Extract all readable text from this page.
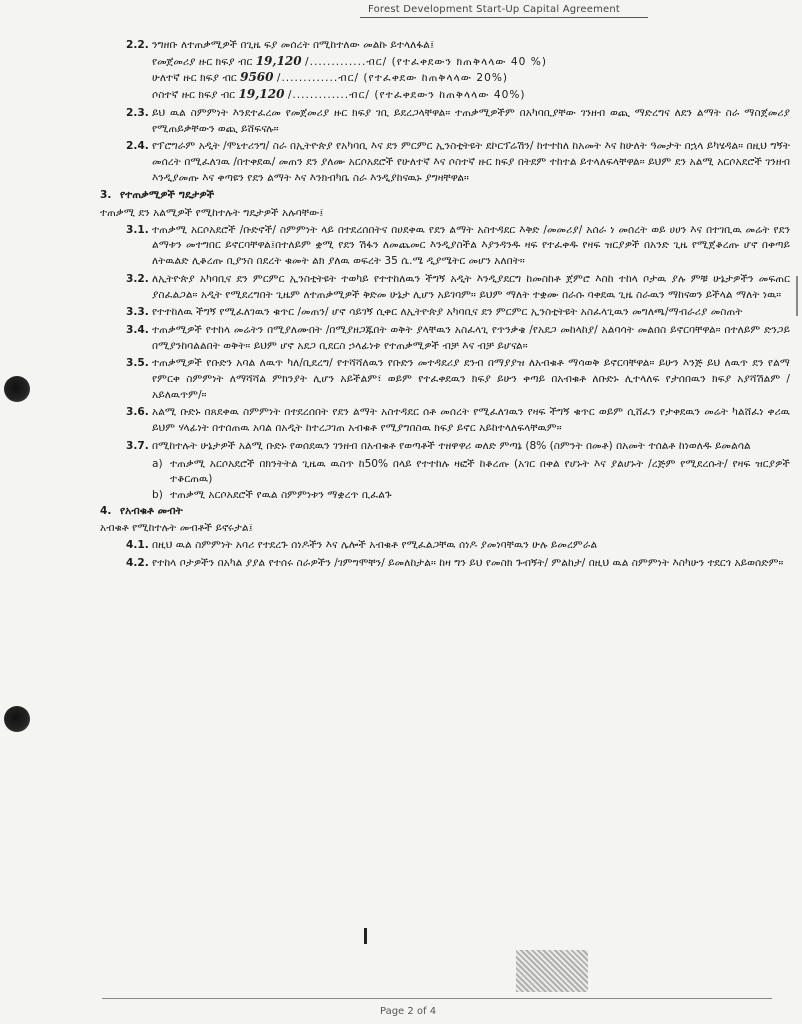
Forest Development Start-Up Capital Agreement
2.2. ንግዘቡ ለተጠቃሚዎች በጊዜ ፍያ መሰረት በሚከተለው መልኩ ይተላለፋል፤
የመጀመሪያ ዙር ክፍያ ብር 19,120 /.............ብር/ (የተፈቀደውን ክጠቅላላው 40 %)
ሁለተኛ ዙር ክፍያ ብር 9560 /.............ብር/ (የተፈቀደው ከጠቅላላው 20%)
ሶስተኛ ዙር ክፍያ ብር 19,120 /.............ብር/ (የተፈቀደውን ከጠቅላላው 40%)
2.3. ይህ ዉል ስምምነት እንደተፈረመ የመጀመሪያ ዙር ክፍያ ገቢ ይደረጋላቸዋል። ተጠቃሚዎችም በአካባቢያቸው ገንዘብ ወጪ ማድረግና ለደን ልማት ስራ ማስጀመሪያ የሚጠይቃቸውን ወጪ ይሸፍናሉ።
2.4. የፕሮግራም አዲት /ሞኒተሪንግ/ ስራ በኢትዮጵያ የአካባቢ እና ደን ምርምር ኢንስቲትዩት ደኮርፕሬሽን/ ከተተከለ ከአመት እና ከሁለት ዓመታት በኋላ ይካሄዳል። በዚህ ግኝት መሰረት በሚፈለገዉ /በተቀደዉ/ መጠን ደን ያለሙ አርሶአደሮች የሁለተኛ እና ሶስተኛ ዙር ክፍያ በትደም ተከተል ይተላለፍላቸዋል። ይህም ደን አልሚ አርሶአደሮች ገንዘብ እንዲያመጡ እና ቀጣዩን የደን ልማት እና እንክብካቤ ስራ እንዲያከናዉኑ ያግዛቸዋል።
3. የተጠቃሚዎች ግዴታዎች
ተጠቃሚ ደን አልሚዎች የሚከተሉት ግዴታዎች አሉባቸው፤
3.1. ተጠቃሚ አርሶአደሮች /ቡድኖች/ ስምምነት ላይ በተደረሰበትና በሀደቀዉ የደን ልማት አስተዳደር እቅድ /መመሪያ/ አሰራ ነ መሰረት ወይ ሀሀን እና በተገቢዉ መሬት የደን ልማቱን መተግበር ይኖርባቸዋል፤በተለይም ቋሚ የደን ሽፋን ለመጨመር እንዲያስችል እያንዳንዱ ዛፍ የተፈቀዱ የዛፍ ዝርያዎች በአንድ ጊዜ የሚጀቆረጡ ሆኖ በቀጣይ ለትዉልድ ሊቆረጡ ቢያንስ በደረት ቁመት ልክ ያለዉ ወፍረት 35 ሴ.ሜ ዲያሜትር መሆን አለበት።
3.2. ለኢትዮጵያ አካባቢና ደን ምርምር ኢንስቲትዩት ተወካይ የተተከለዉን ችግኝ አዲት እንዲያደርግ ከመስከቶ ጀምሮ እስከ ተከላ ቦታዉ ያሉ ምቹ ሁኔታዎችን መፍጠር ያስፈልጋል። አዲት የሚደረግበት ጊዜም ለተጠቃሚዎች ቅድመ ሁኔታ ሊሆን አይገባም። ይህም ማለት ተቋሙ በራሱ ባቀደዉ ጊዜ ስራዉን ማከናወን ይችላል ማለት ነዉ።
3.3. የተተከለዉ ችግኝ የሚፈለገዉን ቁጥር /መጠን/ ሆኖ ሳይገኝ ሲቀር ለኢትዮጵያ አካባቢና ደን ምርምር ኢንስቲትዩት አስፈላጊዉን መግለጫ/ማብራሪያ መስጠት
3.4. ተጠቃሚዎች የተከላ መሬትን በሚያለሙበት /በሚያዘጋጁበት ወቅት ያላቸዉን አስፈላጊ የጥንቃቄ /የአደጋ መከላከያ/ አልባሳት መልበስ ይኖርባቸዋል። በተለይም ድንጋይ በሚያንከባልልበት ወቅት። ይህም ሆኖ አደጋ ቢደርስ ኃላፊነቱ የተጠቃሚዎች ብቻ እና ብቻ ይሆናል።
3.5. ተጠቃሚዎች የቡድን አባል ለዉጥ ካለ/ቢደረግ/ የተሻሻለዉን የቡድን መተዳደሪያ ደንብ በማያያዝ ለአብቁቶ ማሳወቅ ይኖርባቸዋል። ይሁን እንጅ ይህ ለዉጥ ደን የልማ የምርቀ ስምምነት ለማሻሻል ምክንያት ሊሆን አይችልም፣ ወይም የተፈቀደዉን ክፍያ ይሁን ቀጣይ በአብቁቶ ለቡድኑ ሊተላለፍ የታሰበዉን ክፍያ አያሻሽልም /አይለዉጥም/።
3.6. አልሚ ቡድኑ በጸደቀዉ ስምምነት በተደረሰበት የደን ልማት አስተዳደር ሰቶ መሰረት የሚፈለገዉን የዛፍ ችግኝ ቁጥር ወይም ሲሸፈን የታቀደዉን መሬት ካልሸፈነ ቀሪዉ ይህም ሃላፊነት በተሰጠዉ አባል በአዲት ከተረጋገጠ አብቁቶ የሚያግበስዉ ክፍያ ይኖር አይከተላለፍላቸዉም።
3.7. በሚከተሉት ሁኔታዎች አልሚ ቡድኑ የወሰደዉን ገንዘብ በአብቁቶ የወጣቶች ተዘዋዋሪ ወለድ ምጣኔ (8% (ስምንት በመቶ) በአመት ተሰልቶ ከነወለዱ ይመልሳል
a) ተጠቃሚ አርሶአደሮች በክንትትል ጊዜዉ ዉስጥ ከ50% በላይ የተተከሉ ዛፎች ከቆረጡ (አገር በቀል የሆኑት እና ያልሆኑት /ረጅም የሚደረሱት/ የዛፍ ዝርያዎች ተቆርጠዉ)
b) ተጠቃሚ አርሶአደሮች የዉል ስምምነቱን ማቋረጥ ቢፈልጉ
4. የአብቁቶ መብት
አብቁቶ የሚከተሉት መብቶች ይኖሩታል፤
4.1. በዚህ ዉል ስምምነት አባሪ የተደረጉ ሰነዶችን እና ሌሎች አብቁቶ የሚፈልጋቸዉ ሰነዶ ያመነባቸዉን ሁሉ ይመረምራል
4.2. የተከላ ቦታዎችን በአካል ያያል የተሰሩ ስራዎችን /ገምግሞቸን/ ይመለከታል። ከዛ ግን ይህ የመስክ ጉብኝት/ ምልከታ/ በዚህ ዉል ስምምነት እስካሁን ተደርጎ አይወሰድም።
Page 2 of 4
